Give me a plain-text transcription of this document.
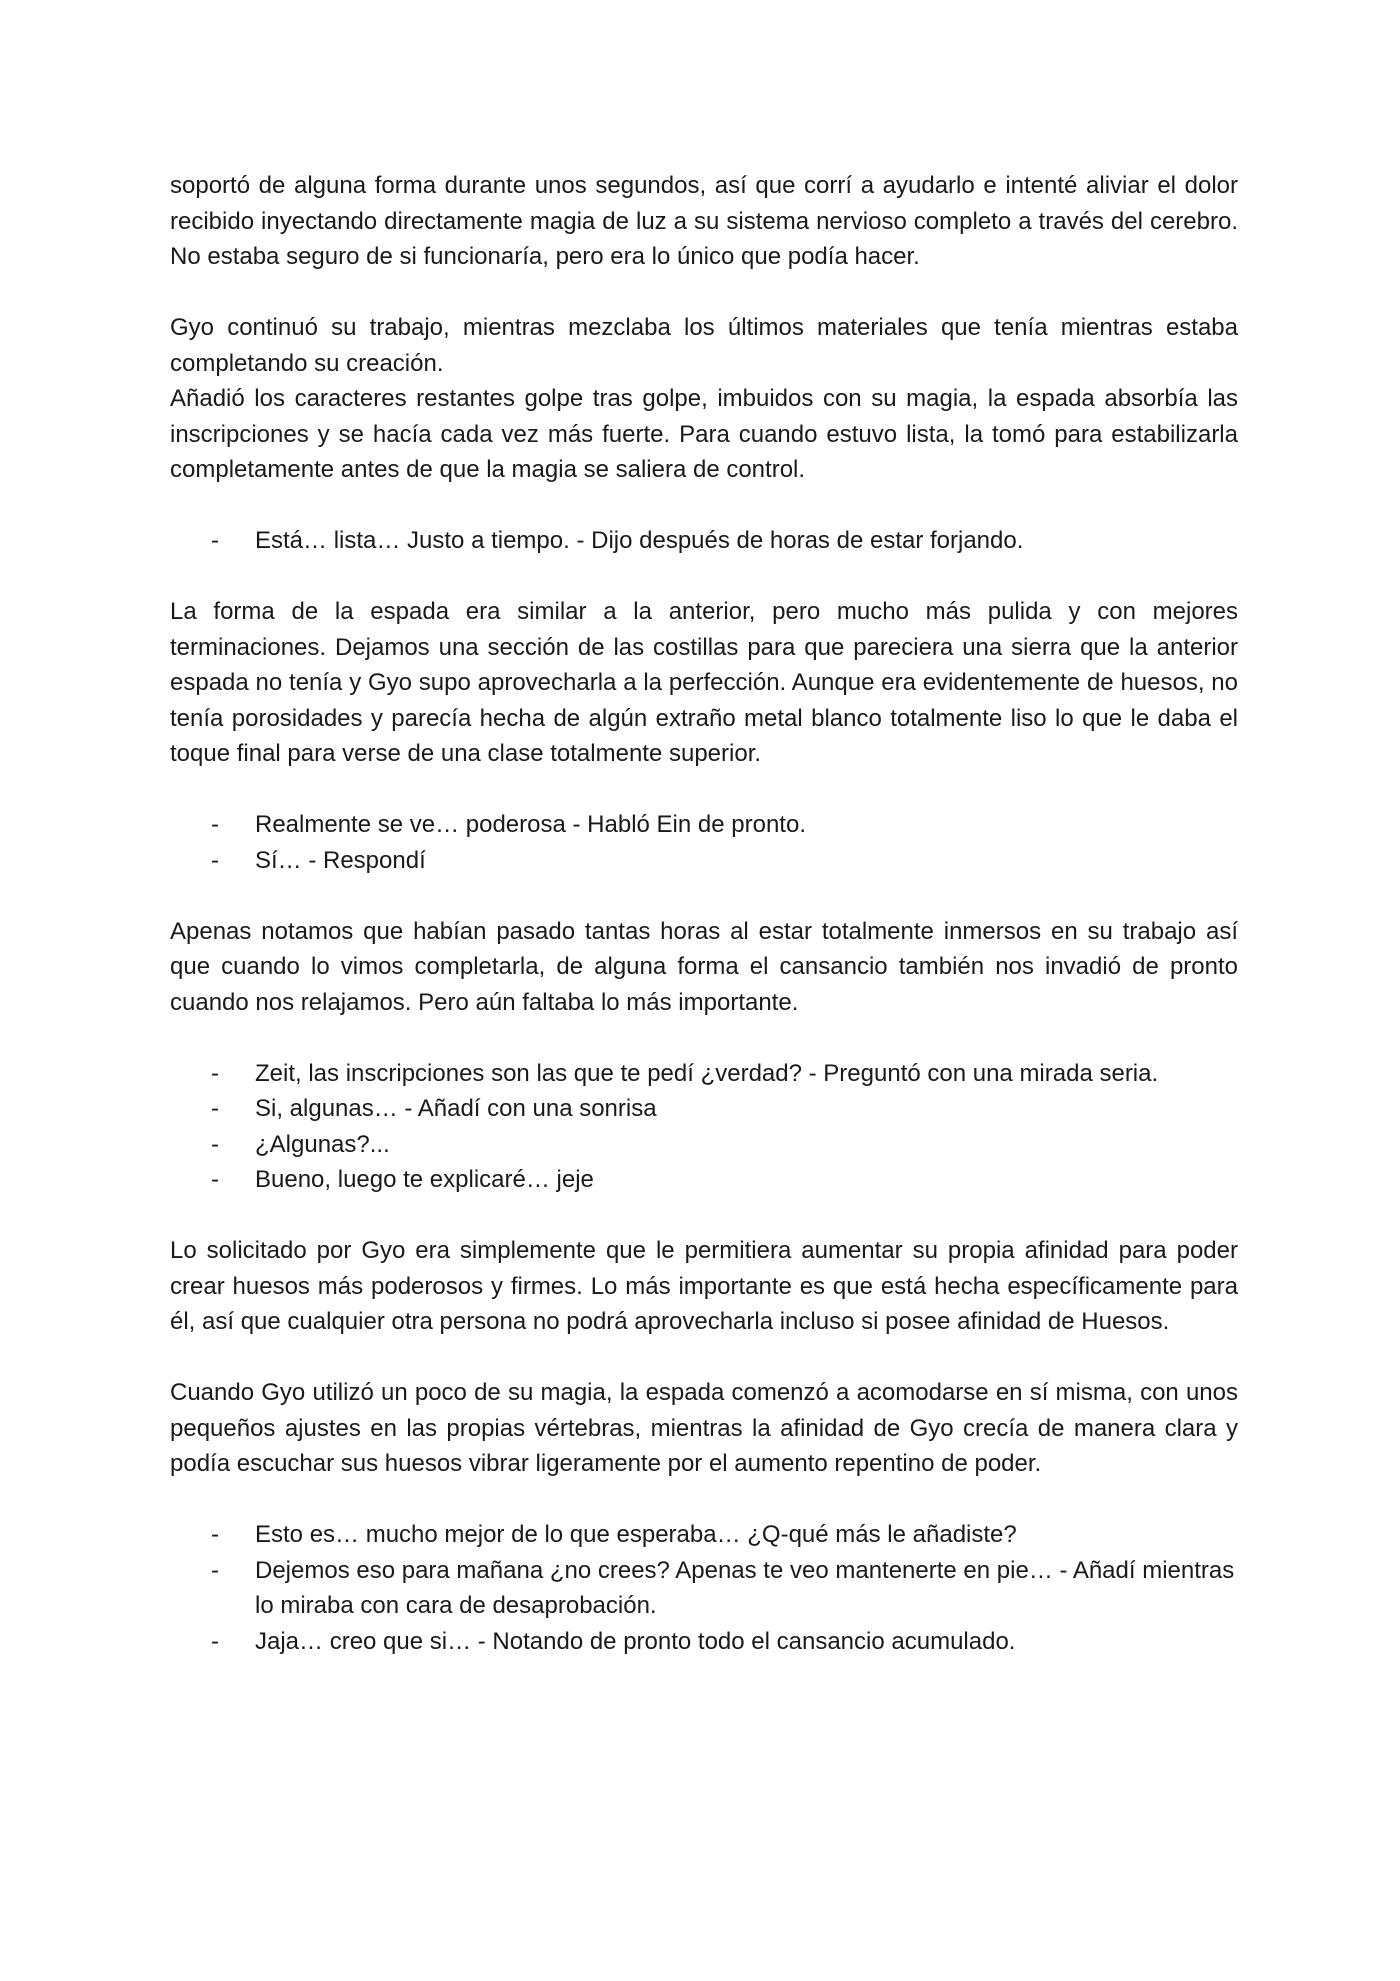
soportó de alguna forma durante unos segundos, así que corrí a ayudarlo e intenté aliviar el dolor recibido inyectando directamente magia de luz a su sistema nervioso completo a través del cerebro. No estaba seguro de si funcionaría, pero era lo único que podía hacer.

Gyo continuó su trabajo, mientras mezclaba los últimos materiales que tenía mientras estaba completando su creación.

Añadió los caracteres restantes golpe tras golpe, imbuidos con su magia, la espada absorbía las inscripciones y se hacía cada vez más fuerte. Para cuando estuvo lista, la tomó para estabilizarla completamente antes de que la magia se saliera de control.

- Está… lista… Justo a tiempo. - Dijo después de horas de estar forjando.

La forma de la espada era similar a la anterior, pero mucho más pulida y con mejores terminaciones. Dejamos una sección de las costillas para que pareciera una sierra que la anterior espada no tenía y Gyo supo aprovecharla a la perfección. Aunque era evidentemente de huesos, no tenía porosidades y parecía hecha de algún extraño metal blanco totalmente liso lo que le daba el toque final para verse de una clase totalmente superior.

- Realmente se ve… poderosa - Habló Ein de pronto.
- Sí… - Respondí

Apenas notamos que habían pasado tantas horas al estar totalmente inmersos en su trabajo así que cuando lo vimos completarla, de alguna forma el cansancio también nos invadió de pronto cuando nos relajamos. Pero aún faltaba lo más importante.

- Zeit, las inscripciones son las que te pedí ¿verdad? - Preguntó con una mirada seria.
- Si, algunas… - Añadí con una sonrisa
- ¿Algunas?...
- Bueno, luego te explicaré… jeje

Lo solicitado por Gyo era simplemente que le permitiera aumentar su propia afinidad para poder crear huesos más poderosos y firmes. Lo más importante es que está hecha específicamente para él, así que cualquier otra persona no podrá aprovecharla incluso si posee afinidad de Huesos.

Cuando Gyo utilizó un poco de su magia, la espada comenzó a acomodarse en sí misma, con unos pequeños ajustes en las propias vértebras, mientras la afinidad de Gyo crecía de manera clara y podía escuchar sus huesos vibrar ligeramente por el aumento repentino de poder.

- Esto es… mucho mejor de lo que esperaba… ¿Q-qué más le añadiste?
- Dejemos eso para mañana ¿no crees? Apenas te veo mantenerte en pie… - Añadí mientras lo miraba con cara de desaprobación.
- Jaja… creo que si… - Notando de pronto todo el cansancio acumulado.
